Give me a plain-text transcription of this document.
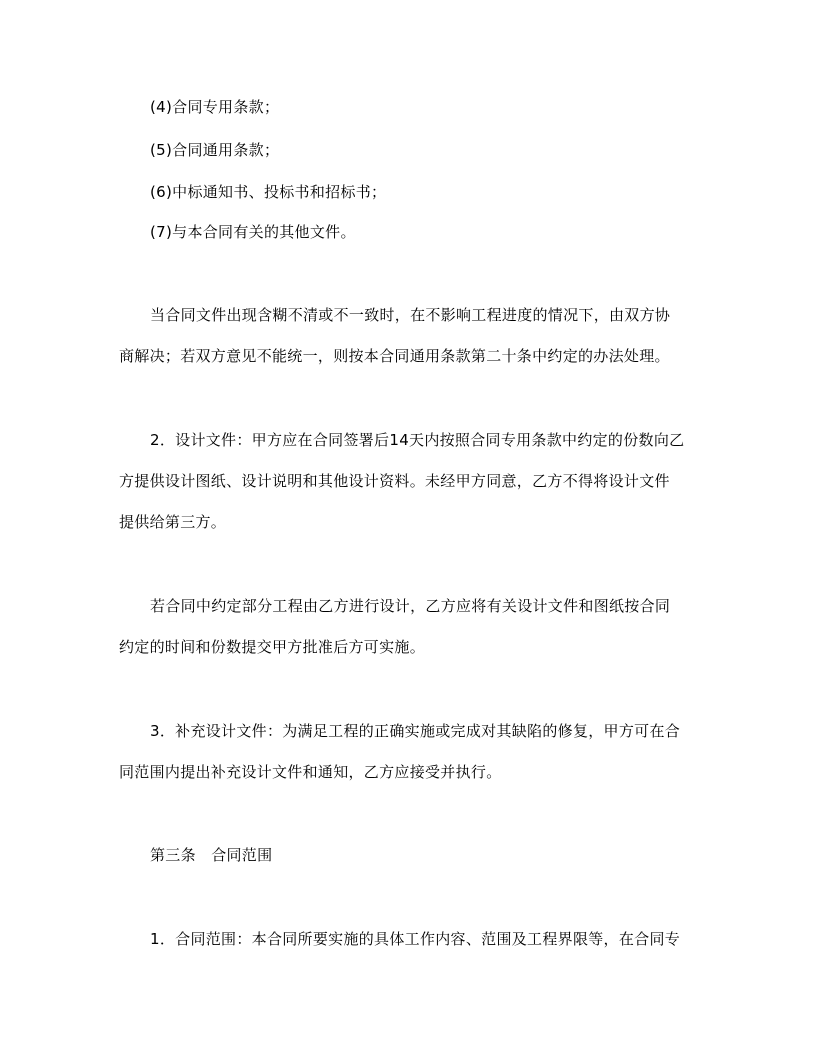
(4)合同专用条款；
(5)合同通用条款；
(6)中标通知书、投标书和招标书；
(7)与本合同有关的其他文件。
当合同文件出现含糊不清或不一致时，在不影响工程进度的情况下，由双方协
商解决；若双方意见不能统一，则按本合同通用条款第二十条中约定的办法处理。
2．设计文件：甲方应在合同签署后14天内按照合同专用条款中约定的份数向乙
方提供设计图纸、设计说明和其他设计资料。未经甲方同意，乙方不得将设计文件
提供给第三方。
若合同中约定部分工程由乙方进行设计，乙方应将有关设计文件和图纸按合同
约定的时间和份数提交甲方批准后方可实施。
3．补充设计文件：为满足工程的正确实施或完成对其缺陷的修复，甲方可在合
同范围内提出补充设计文件和通知，乙方应接受并执行。
第三条　合同范围
1．合同范围：本合同所要实施的具体工作内容、范围及工程界限等，在合同专
